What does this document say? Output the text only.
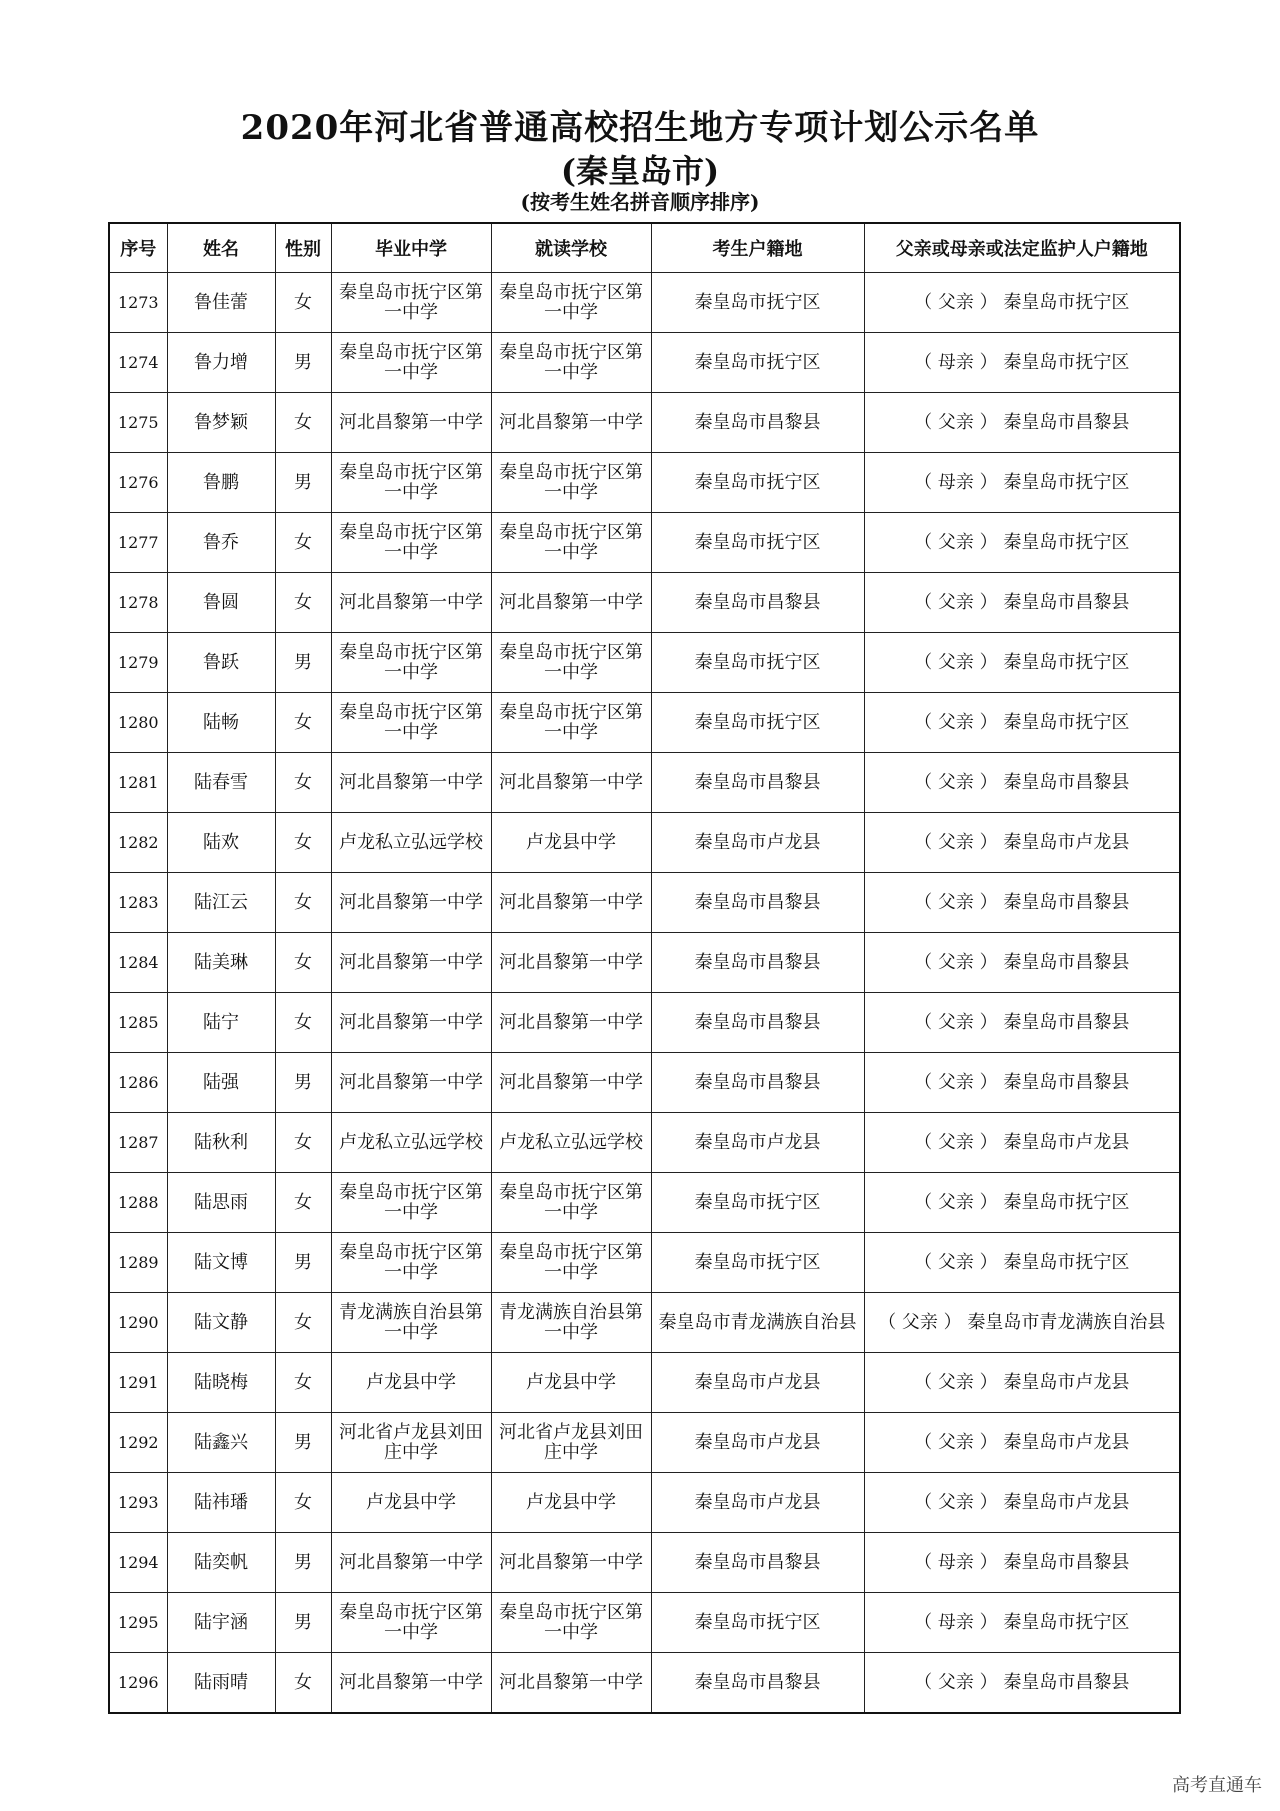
2020年河北省普通高校招生地方专项计划公示名单
(秦皇岛市)
(按考生姓名拼音顺序排序)
序号	姓名	性别	毕业中学	就读学校	考生户籍地	父亲或母亲或法定监护人户籍地
1273	鲁佳蕾	女	秦皇岛市抚宁区第一中学	秦皇岛市抚宁区第一中学	秦皇岛市抚宁区	（ 父亲 ） 秦皇岛市抚宁区
1274	鲁力增	男	秦皇岛市抚宁区第一中学	秦皇岛市抚宁区第一中学	秦皇岛市抚宁区	（ 母亲 ） 秦皇岛市抚宁区
1275	鲁梦颖	女	河北昌黎第一中学	河北昌黎第一中学	秦皇岛市昌黎县	（ 父亲 ） 秦皇岛市昌黎县
1276	鲁鹏	男	秦皇岛市抚宁区第一中学	秦皇岛市抚宁区第一中学	秦皇岛市抚宁区	（ 母亲 ） 秦皇岛市抚宁区
1277	鲁乔	女	秦皇岛市抚宁区第一中学	秦皇岛市抚宁区第一中学	秦皇岛市抚宁区	（ 父亲 ） 秦皇岛市抚宁区
1278	鲁圆	女	河北昌黎第一中学	河北昌黎第一中学	秦皇岛市昌黎县	（ 父亲 ） 秦皇岛市昌黎县
1279	鲁跃	男	秦皇岛市抚宁区第一中学	秦皇岛市抚宁区第一中学	秦皇岛市抚宁区	（ 父亲 ） 秦皇岛市抚宁区
1280	陆畅	女	秦皇岛市抚宁区第一中学	秦皇岛市抚宁区第一中学	秦皇岛市抚宁区	（ 父亲 ） 秦皇岛市抚宁区
1281	陆春雪	女	河北昌黎第一中学	河北昌黎第一中学	秦皇岛市昌黎县	（ 父亲 ） 秦皇岛市昌黎县
1282	陆欢	女	卢龙私立弘远学校	卢龙县中学	秦皇岛市卢龙县	（ 父亲 ） 秦皇岛市卢龙县
1283	陆江云	女	河北昌黎第一中学	河北昌黎第一中学	秦皇岛市昌黎县	（ 父亲 ） 秦皇岛市昌黎县
1284	陆美琳	女	河北昌黎第一中学	河北昌黎第一中学	秦皇岛市昌黎县	（ 父亲 ） 秦皇岛市昌黎县
1285	陆宁	女	河北昌黎第一中学	河北昌黎第一中学	秦皇岛市昌黎县	（ 父亲 ） 秦皇岛市昌黎县
1286	陆强	男	河北昌黎第一中学	河北昌黎第一中学	秦皇岛市昌黎县	（ 父亲 ） 秦皇岛市昌黎县
1287	陆秋利	女	卢龙私立弘远学校	卢龙私立弘远学校	秦皇岛市卢龙县	（ 父亲 ） 秦皇岛市卢龙县
1288	陆思雨	女	秦皇岛市抚宁区第一中学	秦皇岛市抚宁区第一中学	秦皇岛市抚宁区	（ 父亲 ） 秦皇岛市抚宁区
1289	陆文博	男	秦皇岛市抚宁区第一中学	秦皇岛市抚宁区第一中学	秦皇岛市抚宁区	（ 父亲 ） 秦皇岛市抚宁区
1290	陆文静	女	青龙满族自治县第一中学	青龙满族自治县第一中学	秦皇岛市青龙满族自治县	（ 父亲 ） 秦皇岛市青龙满族自治县
1291	陆晓梅	女	卢龙县中学	卢龙县中学	秦皇岛市卢龙县	（ 父亲 ） 秦皇岛市卢龙县
1292	陆鑫兴	男	河北省卢龙县刘田庄中学	河北省卢龙县刘田庄中学	秦皇岛市卢龙县	（ 父亲 ） 秦皇岛市卢龙县
1293	陆祎璠	女	卢龙县中学	卢龙县中学	秦皇岛市卢龙县	（ 父亲 ） 秦皇岛市卢龙县
1294	陆奕帆	男	河北昌黎第一中学	河北昌黎第一中学	秦皇岛市昌黎县	（ 母亲 ） 秦皇岛市昌黎县
1295	陆宇涵	男	秦皇岛市抚宁区第一中学	秦皇岛市抚宁区第一中学	秦皇岛市抚宁区	（ 母亲 ） 秦皇岛市抚宁区
1296	陆雨晴	女	河北昌黎第一中学	河北昌黎第一中学	秦皇岛市昌黎县	（ 父亲 ） 秦皇岛市昌黎县
高考直通车
